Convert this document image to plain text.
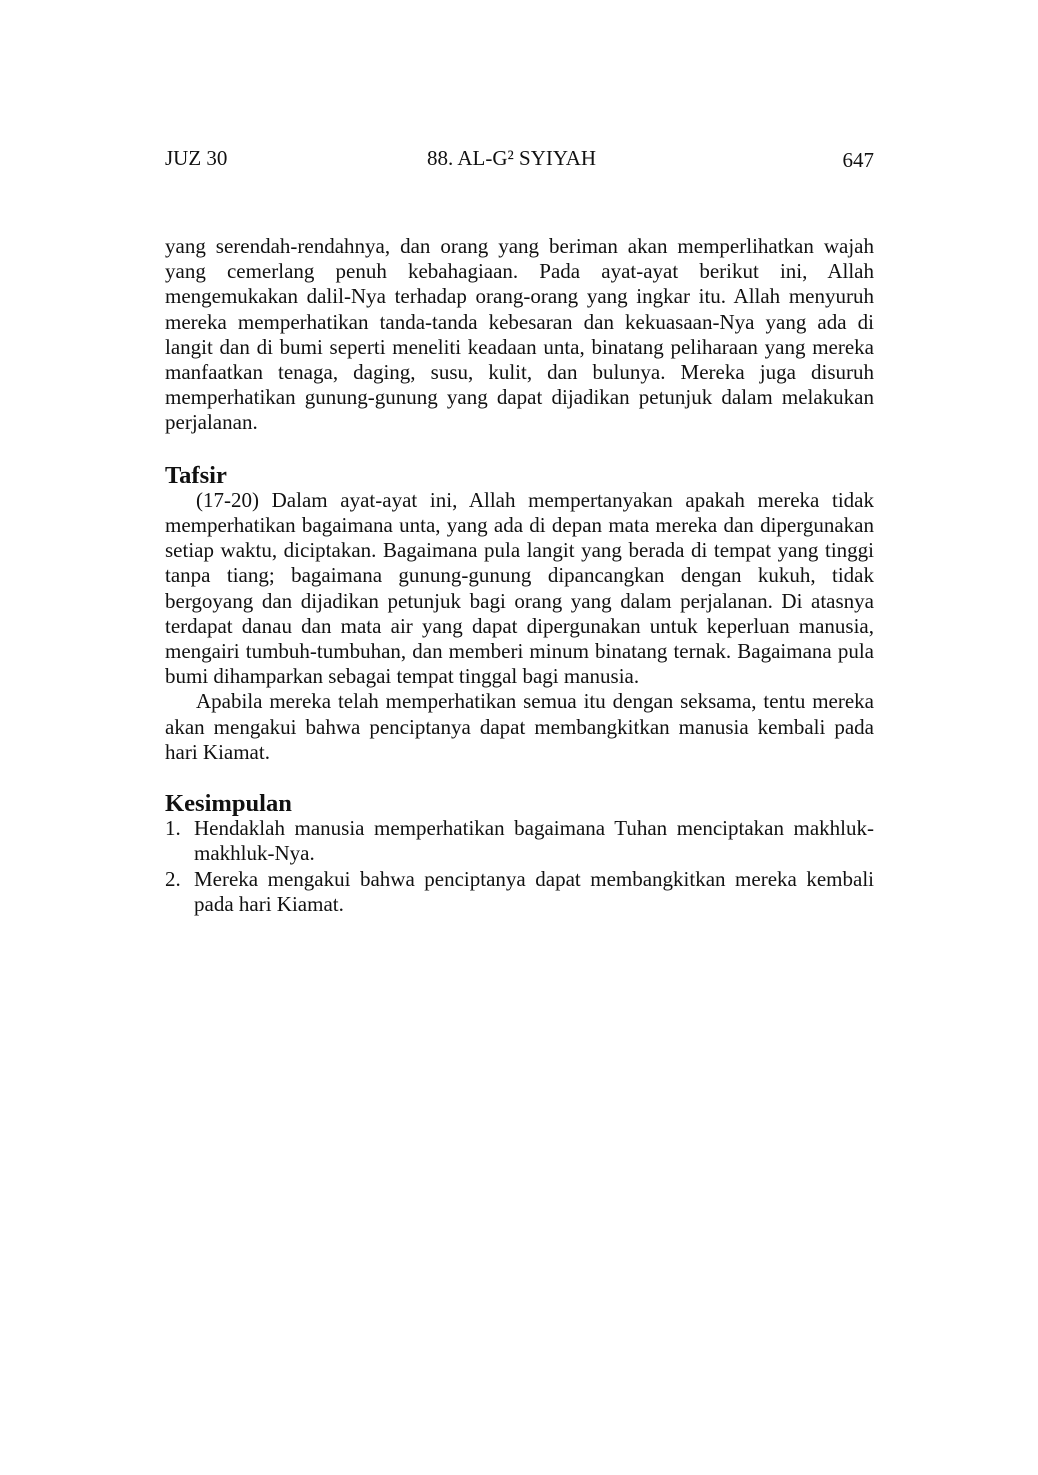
JUZ 30	88. AL-G² SYIYAH	647

yang serendah-rendahnya, dan orang yang beriman akan memperlihatkan wajah yang cemerlang penuh kebahagiaan. Pada ayat-ayat berikut ini, Allah mengemukakan dalil-Nya terhadap orang-orang yang ingkar itu. Allah menyuruh mereka memperhatikan tanda-tanda kebesaran dan kekuasaan-Nya yang ada di langit dan di bumi seperti meneliti keadaan unta, binatang peliharaan yang mereka manfaatkan tenaga, daging, susu, kulit, dan bulunya. Mereka juga disuruh memperhatikan gunung-gunung yang dapat dijadikan petunjuk dalam melakukan perjalanan.

Tafsir

(17-20) Dalam ayat-ayat ini, Allah mempertanyakan apakah mereka tidak memperhatikan bagaimana unta, yang ada di depan mata mereka dan dipergunakan setiap waktu, diciptakan. Bagaimana pula langit yang berada di tempat yang tinggi tanpa tiang; bagaimana gunung-gunung dipancangkan dengan kukuh, tidak bergoyang dan dijadikan petunjuk bagi orang yang dalam perjalanan. Di atasnya terdapat danau dan mata air yang dapat dipergunakan untuk keperluan manusia, mengairi tumbuh-tumbuhan, dan memberi minum binatang ternak. Bagaimana pula bumi dihamparkan sebagai tempat tinggal bagi manusia.

Apabila mereka telah memperhatikan semua itu dengan seksama, tentu mereka akan mengakui bahwa penciptanya dapat membangkitkan manusia kembali pada hari Kiamat.

Kesimpulan
1. Hendaklah manusia memperhatikan bagaimana Tuhan menciptakan makhluk-makhluk-Nya.
2. Mereka mengakui bahwa penciptanya dapat membangkitkan mereka kembali pada hari Kiamat.
